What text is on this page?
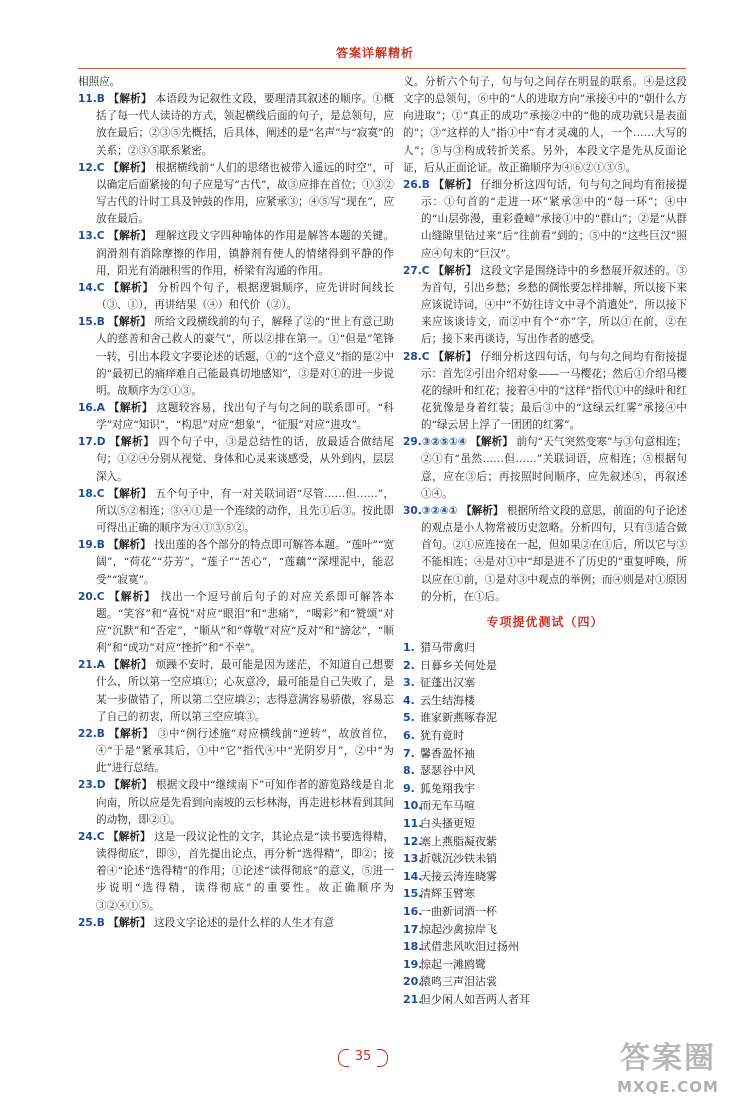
答案详解精析

相照应。

11.B 【解析】 本语段为记叙性文段，要理清其叙述的顺序。①概括了每一代人读诗的方式，领起横线后面的句子，是总领句，应放在最后；②③⑤先概括，后具体，阐述的是“名声”与“寂寞”的关系；②③⑤联系紧密。

12.C 【解析】 根据横线前“人们的思绪也被带入遥远的时空”，可以确定后面紧接的句子应是写“古代”，故③应排在首位；①③②写古代的计时工具及钟鼓的作用，应紧承③；④⑤写“现在”，应放在最后。

13.C 【解析】 理解这段文字四种喻体的作用是解答本题的关键。润滑剂有消除摩擦的作用，镇静剂有使人的情绪得到平静的作用，阳光有消融积雪的作用，桥梁有沟通的作用。

14.C 【解析】 分析四个句子，根据逻辑顺序，应先讲时间线长（③、①），再讲结果（④）和代价（②）。

15.B 【解析】 所给文段横线前的句子，解释了②的“世上有意己助人的慈善和舍己救人的豪气”，所以②排在第一。①“但是”笔锋一转，引出本段文字要论述的话题，①的“这个意义”指的是②中的“最初已的痛痒难自己能最真切地感知”，③是对①的进一步说明。故顺序为②①③。

16.A 【解析】 这题较容易，找出句子与句之间的联系即可。“科学”对应“知识”，“构思”对应“想象”，“征服”对应“进攻”。

17.D 【解析】 四个句子中，③是总结性的话，放最适合做结尾句；①②④分别从视觉、身体和心灵来谈感受，从外到内，层层深入。

18.C 【解析】 五个句子中，有一对关联词语“尽管……但……”，所以⑤②相连；③④①是一个连续的动作，且先①后③。按此即可得出正确的顺序为④①③⑤②。

19.B 【解析】 找出莲的各个部分的特点即可解答本题。“莲叶”“宽阔”，“荷花”“芬芳”，“莲子”“苦心”，“莲藕”“深埋泥中，能忍受”“寂寞”。

20.C 【解析】 找出一个逗号前后句子的对应关系即可解答本题。“笑容”和“喜悦”对应“眼泪”和“悲痛”，“喝彩”和“赞颂”对应“沉默”和“否定”，“顺从”和“尊敬”对应“反对”和“謗忿”，“顺利”和“成功”对应“挫折”和“不幸”。

21.A 【解析】 烦躁不安时，最可能是因为迷茫，不知道自己想要什么，所以第一空应填①；心灰意冷，最可能是自己失败了，是某一步做错了，所以第二空应填②；志得意满容易骄傲，容易忘了自己的初衷，所以第三空应填③。

22.B 【解析】 ③中“例行述施”对应横线前“逆转”，故放首位，④“于是”紧承其后，①中“它”指代④中“光阴岁月”，②中“为此”进行总结。

23.D 【解析】 根据文段中“继续南下”可知作者的游览路线是自北向南，所以应是先看到向南坡的云杉林海，再走进杉林看到其间的动物，即②①。

24.C 【解析】 这是一段议论性的文字，其论点是“读书要选得精，读得彻底”，即③，首先提出论点，再分析“选得精”，即②；接着④“论述“选得精”的作用；①论述“读得彻底”的意义，⑤进一步说明“选得精，读得彻底”的重要性。故正确顺序为③②④①⑤。

25.B 【解析】 这段文字论述的是什么样的人生才有意

义。分析六个句子，句与句之间存在明显的联系。④是这段文字的总领句，⑥中的“人的进取方向”承接④中的“朝什么方向进取”；①“真正的成功”承接②中的“他的成功就只是表面的”；③“这样的人”指①中“有才灵魂的人，一个……大写的人”；⑤与③构成转折关系。另外，本段文字是先从反面论证，后从正面论证。故正确顺序为④⑥②①③⑤。

26.B 【解析】 仔细分析这四句话，句与句之间均有衔接提示：①句首的“走进一环”紧承③中的“每一环”；④中的“山层弥漫，重彩叠嶂”承接①中的“群山”；②是“从群山缝隙里钻过来”后“往前看”到的；⑤中的“这些巨汉”照应④句末的“巨汉”。

27.C 【解析】 这段文字是围绕诗中的乡愁展开叙述的。③为首句，引出乡愁；乡愁的倜怅要怎样排解，所以接下来应该说诗词，④中“不妨往诗文中寻个消遣处”，所以接下来应该谈诗文，而②中有个“亦”字，所以①在前，②在后；接下来再谈诗，写出作者的感受。

28.C 【解析】 仔细分析这四句话，句与句之间均有衔接提示：首先②引出介绍对象——一马樱花；然后①介绍马樱花的绿叶和红花；接着④中的“这样”指代①中的绿叶和红花犹像是身着红装；最后③中的“这绿云红雾”承接④中的“绿云居上浮了一团团的红雾”。

29.③②⑤①④ 【解析】 前句“天气突然变寒”与③句意相连；②①有“虽然……但……”关联词语，应相连；⑤根据句意，应在③后；再按照时间顺序，应先叙述⑤，再叙述①④。

30.③②④① 【解析】 根据所给文段的意思，前面的句子论述的观点是小人物常被历史忽略。分析四句，只有③适合做首句。②①应连接在一起，但如果②在①后，所以它与③不能相连；④是对①中“却是进不了历史的”重复呼唤，所以应在①前，①是对③中观点的举例；而④则是对①原因的分析，在①后。

专项提优测试（四）
1. 猎马带禽归
2. 日暮乡关何处是
3. 征蓬出汉塞
4. 云生结海楼
5. 谁家新燕啄春泥
6. 犹有竟时
7. 馨香盈怀袖
8. 瑟瑟谷中风
9. 狐兔翔我宇
10.而无车马喧
11.白头搔更短
12.塞上燕脂凝夜紫
13.折戟沉沙铁未销
14.天接云涛连晓雾
15.清辉玉臂寒
16.一曲新词酒一杯
17.惊起沙禽掠岸飞
18.试借悲风吹泪过扬州
19.惊起一滩鸥鹭
20.猿鸣三声泪沾裳
21.但少闲人如吾两人者耳
35	答案圈
MXQE.COM
